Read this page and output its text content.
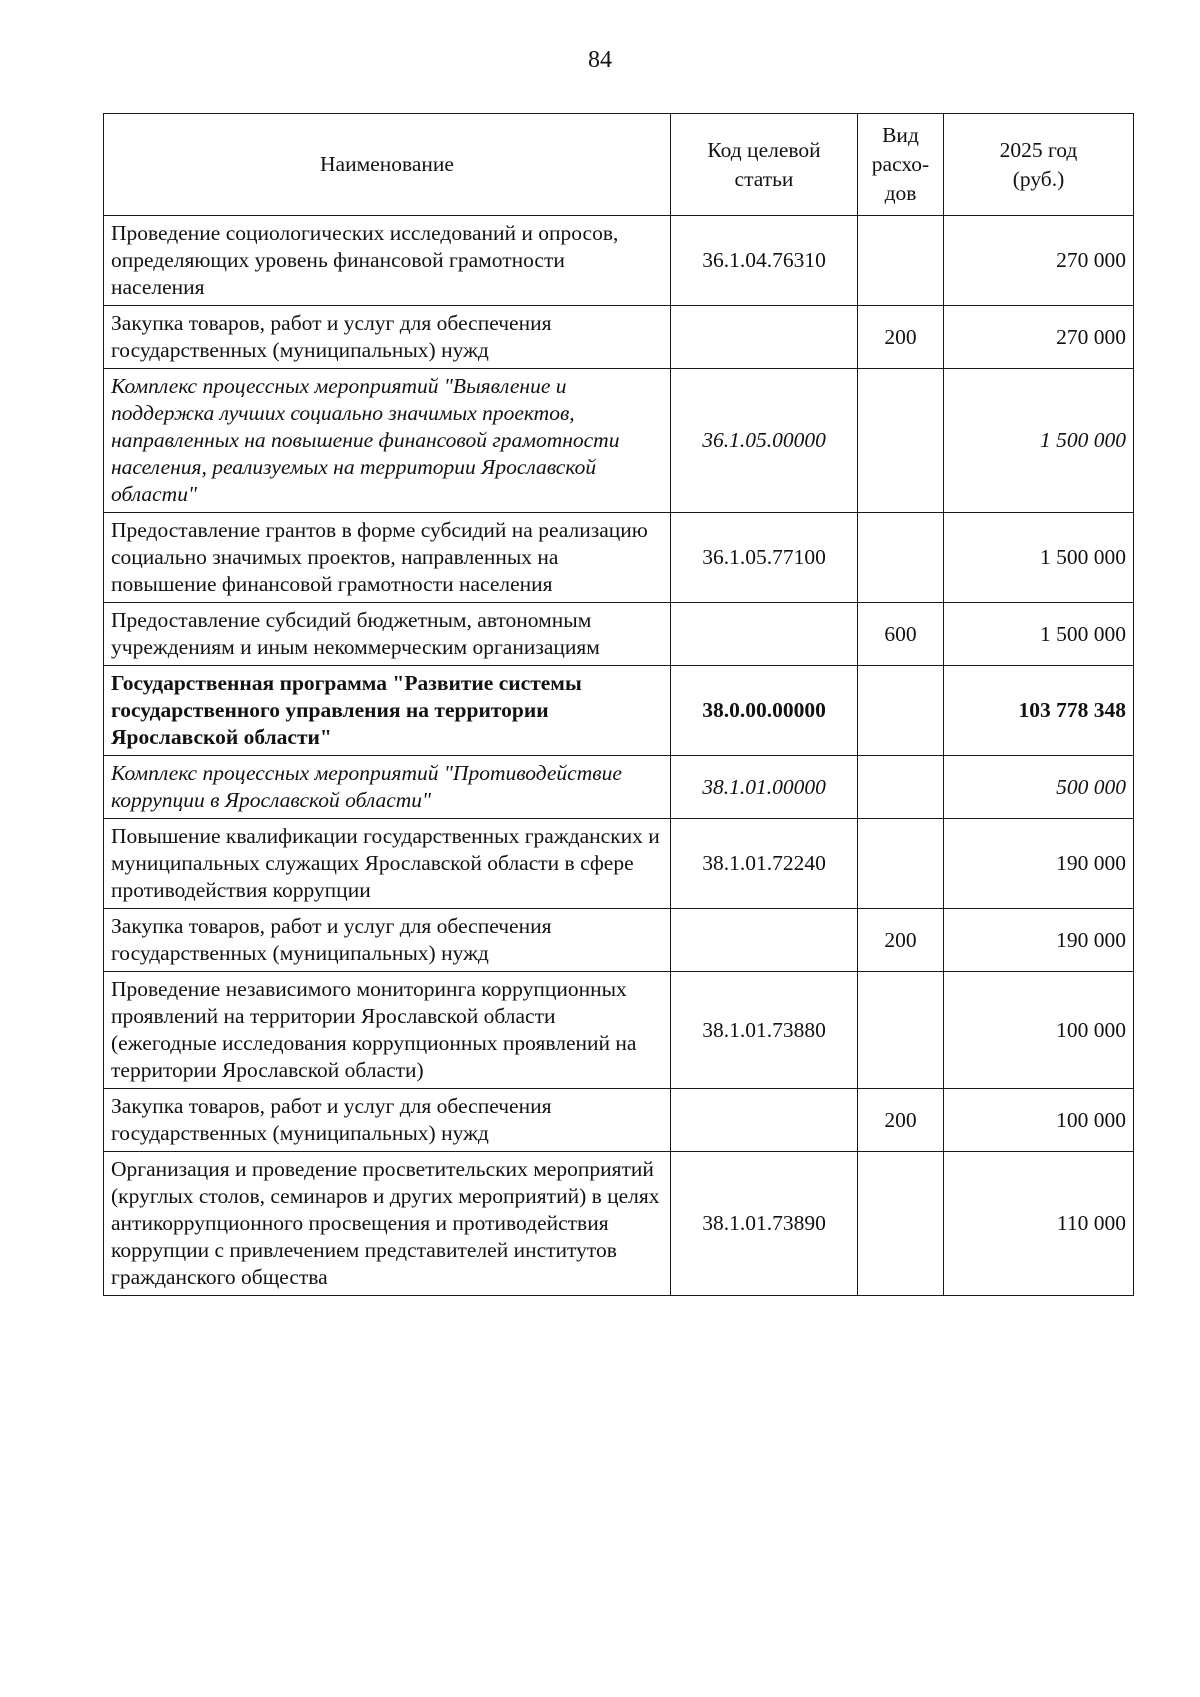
84
Наименование	Код целевой статьи	Вид расхо-дов	2025 год (руб.)
Проведение социологических исследований и опросов, определяющих уровень финансовой грамотности населения	36.1.04.76310		270 000
Закупка товаров, работ и услуг для обеспечения государственных (муниципальных) нужд		200	270 000
Комплекс процессных мероприятий "Выявление и поддержка лучших социально значимых проектов, направленных на повышение финансовой грамотности населения, реализуемых на территории Ярославской области"	36.1.05.00000		1 500 000
Предоставление грантов в форме субсидий на реализацию социально значимых проектов, направленных на повышение финансовой грамотности населения	36.1.05.77100		1 500 000
Предоставление субсидий бюджетным, автономным учреждениям и иным некоммерческим организациям		600	1 500 000
Государственная программа "Развитие системы государственного управления на территории Ярославской области"	38.0.00.00000		103 778 348
Комплекс процессных мероприятий "Противодействие коррупции в Ярославской области"	38.1.01.00000		500 000
Повышение квалификации государственных гражданских и муниципальных служащих Ярославской области в сфере противодействия коррупции	38.1.01.72240		190 000
Закупка товаров, работ и услуг для обеспечения государственных (муниципальных) нужд		200	190 000
Проведение независимого мониторинга коррупционных проявлений на территории Ярославской области (ежегодные исследования коррупционных проявлений на территории Ярославской области)	38.1.01.73880		100 000
Закупка товаров, работ и услуг для обеспечения государственных (муниципальных) нужд		200	100 000
Организация и проведение просветительских мероприятий (круглых столов, семинаров и других мероприятий) в целях антикоррупционного просвещения и противодействия коррупции с привлечением представителей институтов гражданского общества	38.1.01.73890		110 000
